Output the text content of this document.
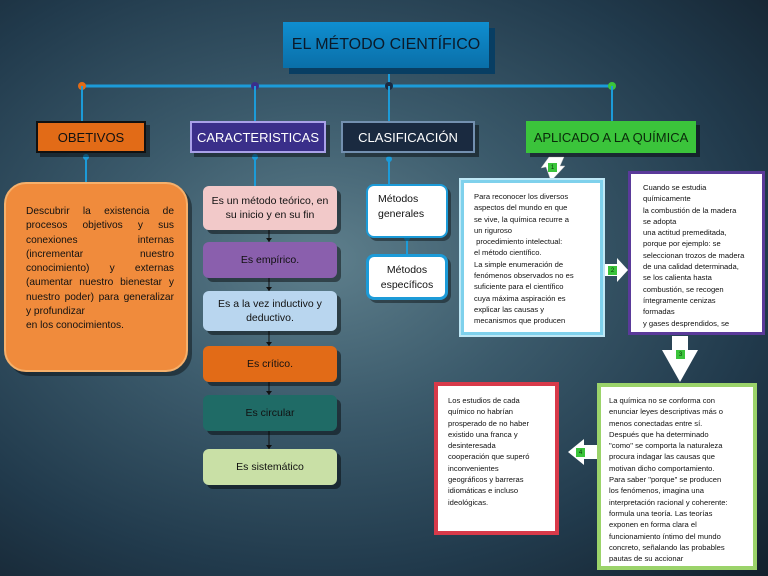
EL MÉTODO CIENTÍFICO
OBETIVOS	CARACTERISTICAS	CLASIFICACIÓN	APLICADO A LA QUÍMICA
Descubrir la existencia de procesos objetivos y sus conexiones internas (incrementar nuestro conocimiento) y externas (aumentar nuestro bienestar y nuestro poder) para generalizar y profundizar
en los conocimientos.
Es un método teórico, en su inicio y en su fin
Es empírico.
Es a la vez inductivo y deductivo.
Es crítico.
Es circular
Es sistemático
Métodos generales
Métodos específicos
Para reconocer los diversos
aspectos del mundo en que
se vive, la química recurre a
un riguroso
procedimiento intelectual:
el método científico.
La simple enumeración de
fenómenos observados no es
suficiente para el científico
cuya máxima aspiración es
explicar las causas y
mecanismos que producen
Cuando se estudia
químicamente
la combustión de la madera
se adopta
una actitud premeditada,
porque por ejemplo: se
seleccionan trozos de madera
de una calidad determinada,
se los calienta hasta
combustión, se recogen
íntegramente cenizas
formadas
y gases desprendidos, se
La química no se conforma con
enunciar leyes descriptivas más o
menos conectadas entre sí.
Después que ha determinado
"como" se comporta la naturaleza
procura indagar las causas que
motivan dicho comportamiento.
Para saber "porque" se producen
los fenómenos, imagina una
interpretación racional y coherente:
formula una teoría. Las teorías
exponen en forma clara el
funcionamiento íntimo del mundo
concreto, señalando las probables
pautas de su accionar
Los estudios de cada
químico no habrían
prosperado de no haber
existido una franca y
desinteresada
cooperación que superó
inconvenientes
geográficos y barreras
idiomáticas e incluso
ideológicas.
1
2
3
4
